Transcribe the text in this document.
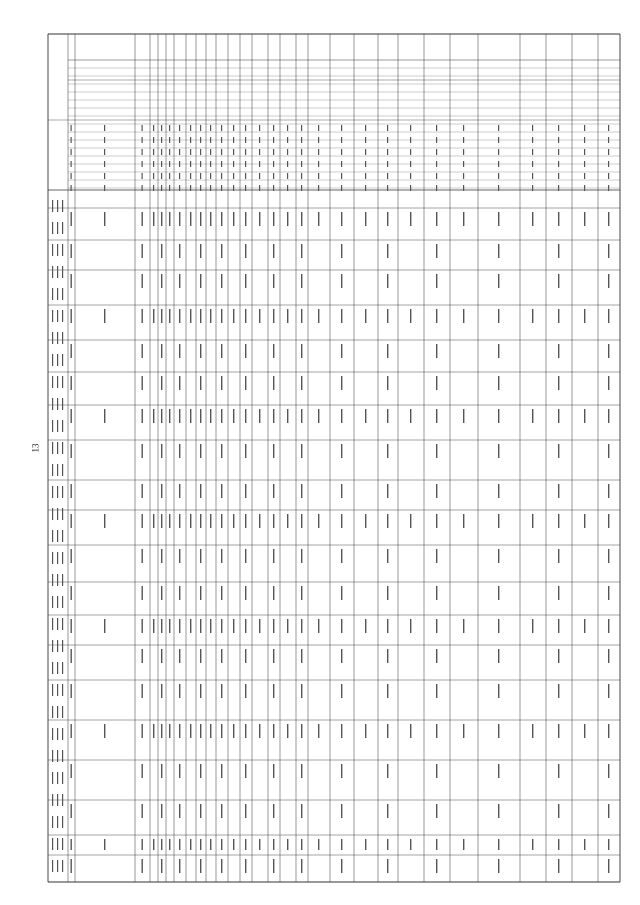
13
